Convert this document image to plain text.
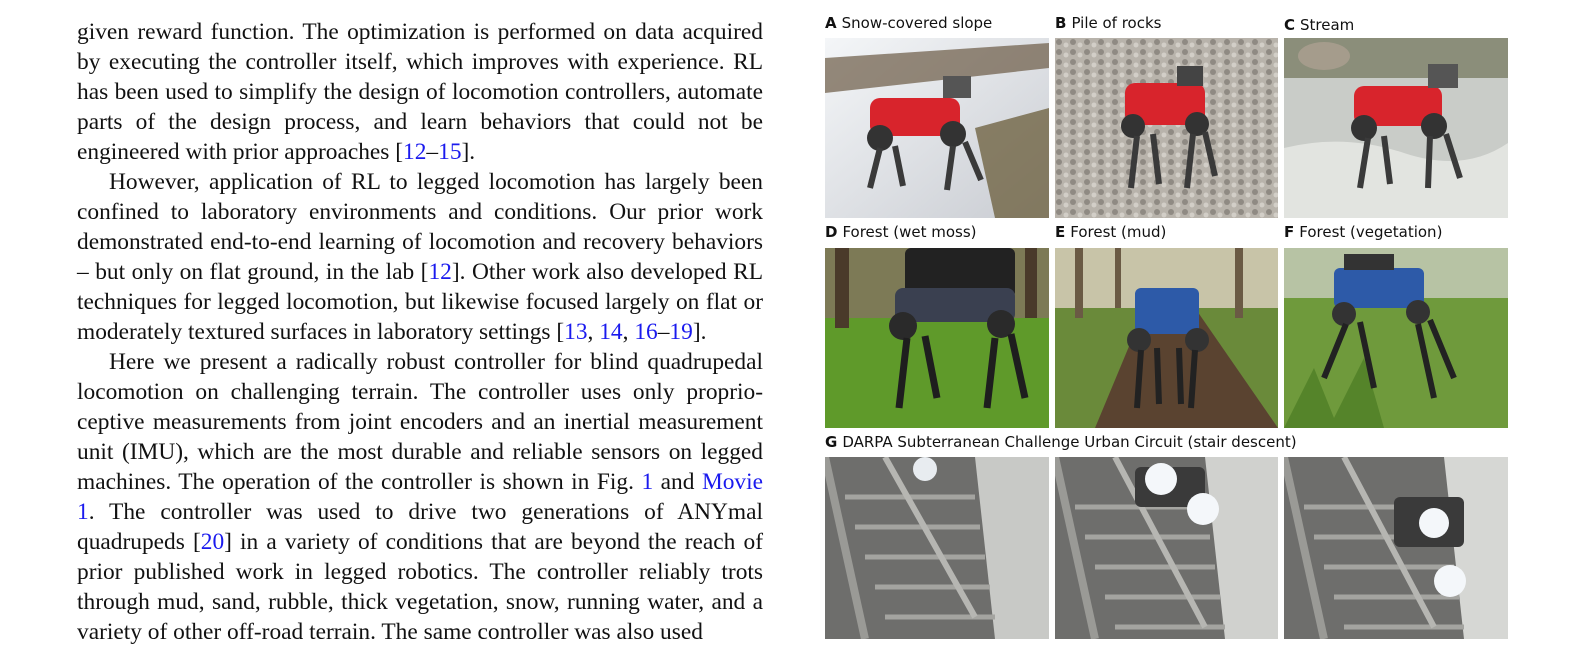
given reward function. The optimization is performed on data acquired by executing the controller itself, which improves with experience. RL has been used to simplify the design of locomotion controllers, automate parts of the design process, and learn behaviors that could not be engineered with prior approaches [12–15].

However, application of RL to legged locomotion has largely been confined to laboratory environments and conditions. Our prior work demonstrated end-to-end learning of locomotion and recovery behaviors – but only on flat ground, in the lab [12]. Other work also developed RL techniques for legged locomotion, but likewise focused largely on flat or moderately textured surfaces in laboratory settings [13, 14, 16–19].

Here we present a radically robust controller for blind quadrupedal locomotion on challenging terrain. The controller uses only proprioceptive measurements from joint encoders and an inertial measurement unit (IMU), which are the most durable and reliable sensors on legged machines. The operation of the controller is shown in Fig. 1 and Movie 1. The controller was used to drive two generations of ANYmal quadrupeds [20] in a variety of conditions that are beyond the reach of prior published work in legged robotics. The controller reliably trots through mud, sand, rubble, thick vegetation, snow, running water, and a variety of other off-road terrain. The same controller was also used

A Snow-covered slope	B Pile of rocks	C Stream
D Forest (wet moss)	E Forest (mud)	F Forest (vegetation)
G DARPA Subterranean Challenge Urban Circuit (stair descent)
